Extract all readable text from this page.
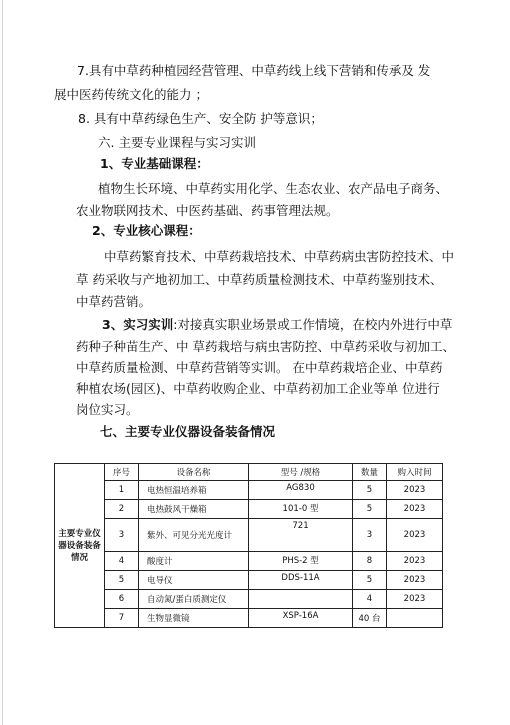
7.具有中草药种植园经营管理、中草药线上线下营销和传承及 发
展中医药传统文化的能力 ；
8. 具有中草药绿色生产、安全防 护等意识；
六. 主要专业课程与实习实训
1、专业基础课程：
植物生长环境、中草药实用化学、生态农业、农产品电子商务、
农业物联网技术、中医药基础、药事管理法规。
2、专业核心课程：
中草药繁育技术、中草药栽培技术、中草药病虫害防控技术、中
草 药采收与产地初加工、中草药质量检测技术、中草药鉴别技术、
中草药营销。
3、实习实训:对接真实职业场景或工作情境，在校内外进行中草
药种子种苗生产、中 草药栽培与病虫害防控、中草药采收与初加工、
中草药质量检测、中草药营销等实训。 在中草药栽培企业、中草药
种植农场(园区)、中草药收购企业、中草药初加工企业等单 位进行
岗位实习。
七、主要专业仪器设备装备情况
主要专业仪器设备装备情况	序号	设备名称	型号 /规格	数量	购入时间
	1	电热恒温培养箱	AG830	5	2023
	2	电热鼓风干燥箱	101-0 型	5	2023
	3	紫外、可见分光光度计	721	3	2023
	4	酸度计	PHS-2 型	8	2023
	5	电导仪	DDS-11A	5	2023
	6	自动氮/蛋白质测定仪		4	2023
	7	生物显微镜	XSP-16A	40 台	
